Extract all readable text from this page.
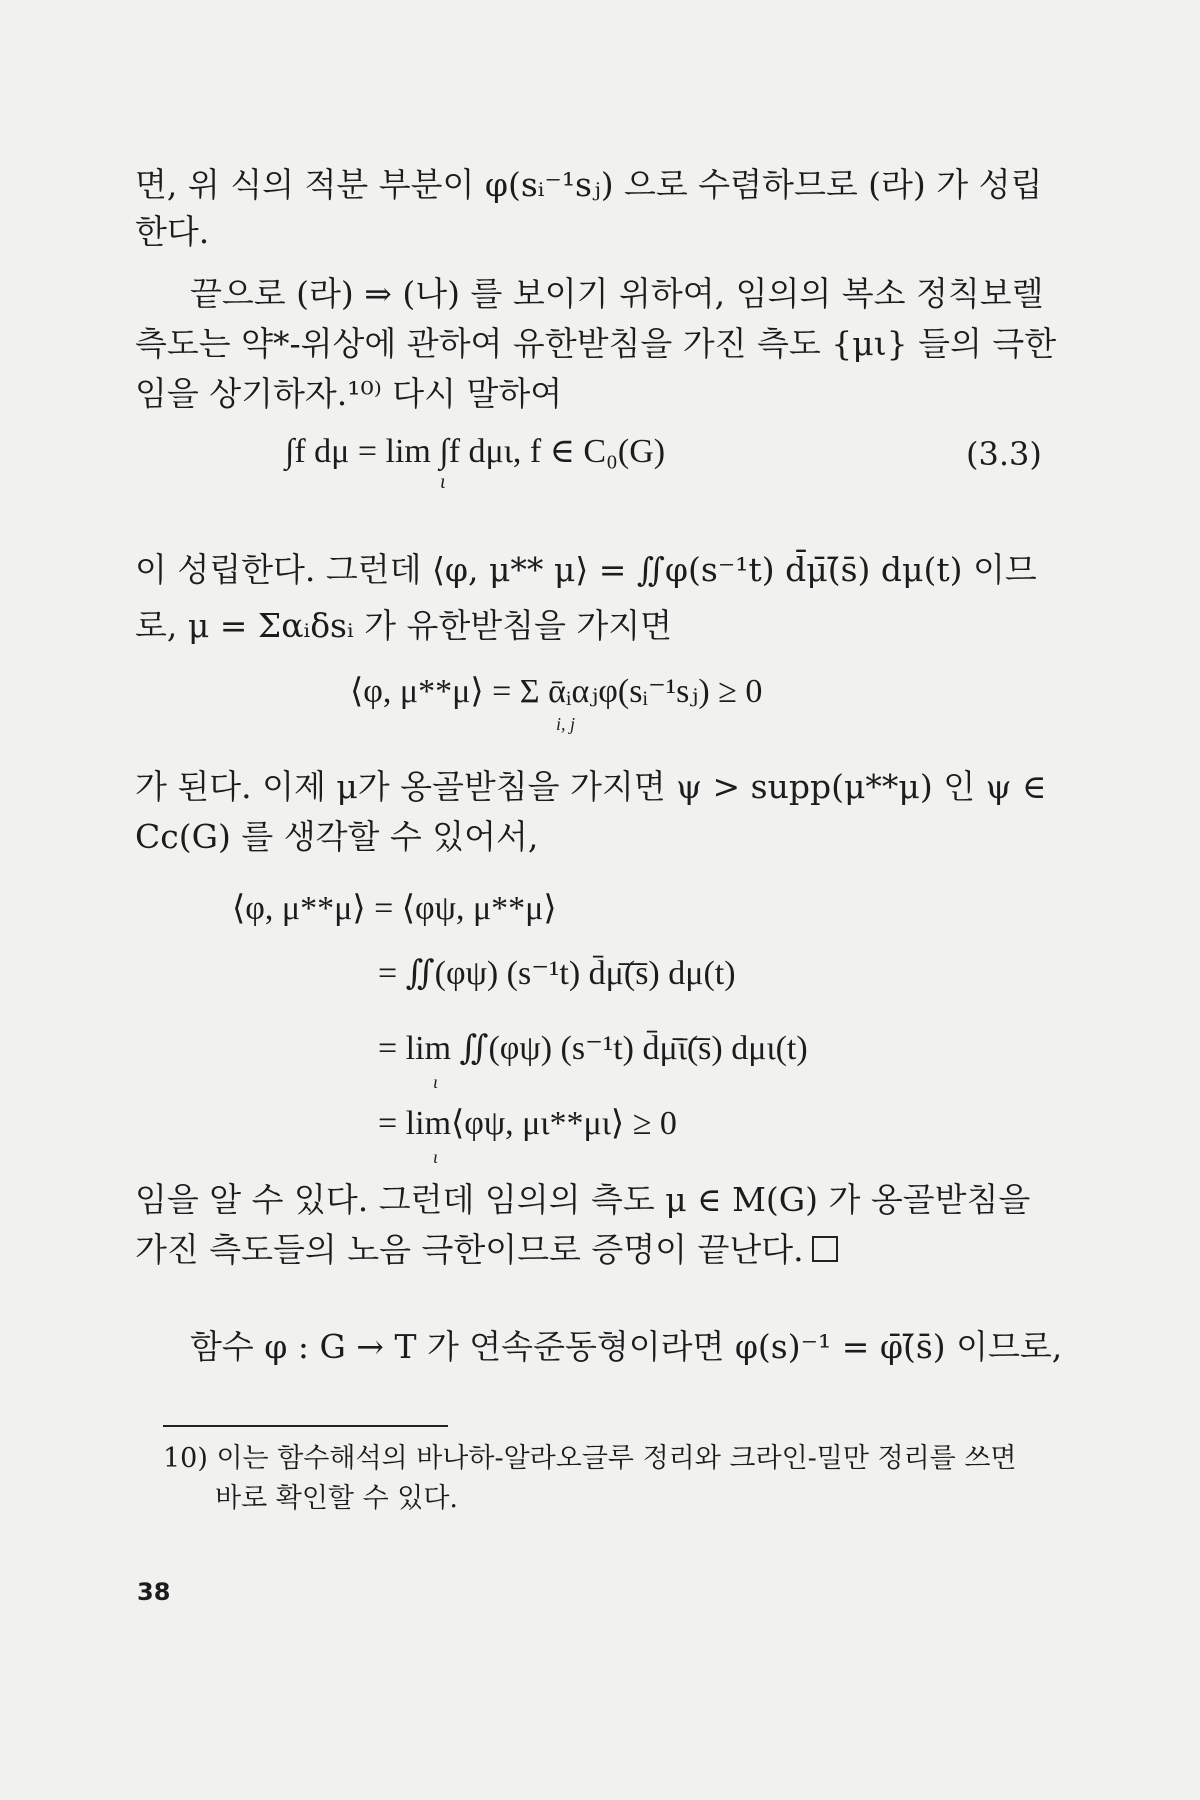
면, 위 식의 적분 부분이 φ(sᵢ⁻¹sⱼ) 으로 수렴하므로 (라) 가 성립
한다.
끝으로 (라) ⇒ (나) 를 보이기 위하여, 임의의 복소 정칙보렐
측도는 약*-위상에 관하여 유한받침을 가진 측도 {μι} 들의 극한
임을 상기하자.¹⁰⁾ 다시 말하여
∫f dμ = lim ∫f dμι, f ∈ C₀(G)
ι
(3.3)
이 성립한다. 그런데 ⟨φ, μ** μ⟩ = ∬φ(s⁻¹t) d̄μ̄(̄s̄) dμ(t) 이므
로, μ = Σαᵢδsᵢ 가 유한받침을 가지면
⟨φ, μ**μ⟩ = Σ ᾱᵢαⱼφ(sᵢ⁻¹sⱼ) ≥ 0
i, j
가 된다. 이제 μ가 옹골받침을 가지면 ψ > supp(μ**μ) 인 ψ ∈
Cc(G) 를 생각할 수 있어서,
⟨φ, μ**μ⟩ = ⟨φψ, μ**μ⟩
= ∬(φψ) (s⁻¹t) d̄μ̄(̄s̄) dμ(t)
= lim ∬(φψ) (s⁻¹t) d̄μ̄ῑ(̄s̄) dμι(t)
ι
= lim⟨φψ, μι**μι⟩ ≥ 0
ι
임을 알 수 있다. 그런데 임의의 측도 μ ∈ M(G) 가 옹골받침을
가진 측도들의 노음 극한이므로 증명이 끝난다.
함수 φ : G → T 가 연속준동형이라면 φ(s)⁻¹ = φ̄(̄s̄) 이므로,
10) 이는 함수해석의 바나하-알라오글루 정리와 크라인-밀만 정리를 쓰면
바로 확인할 수 있다.
38
